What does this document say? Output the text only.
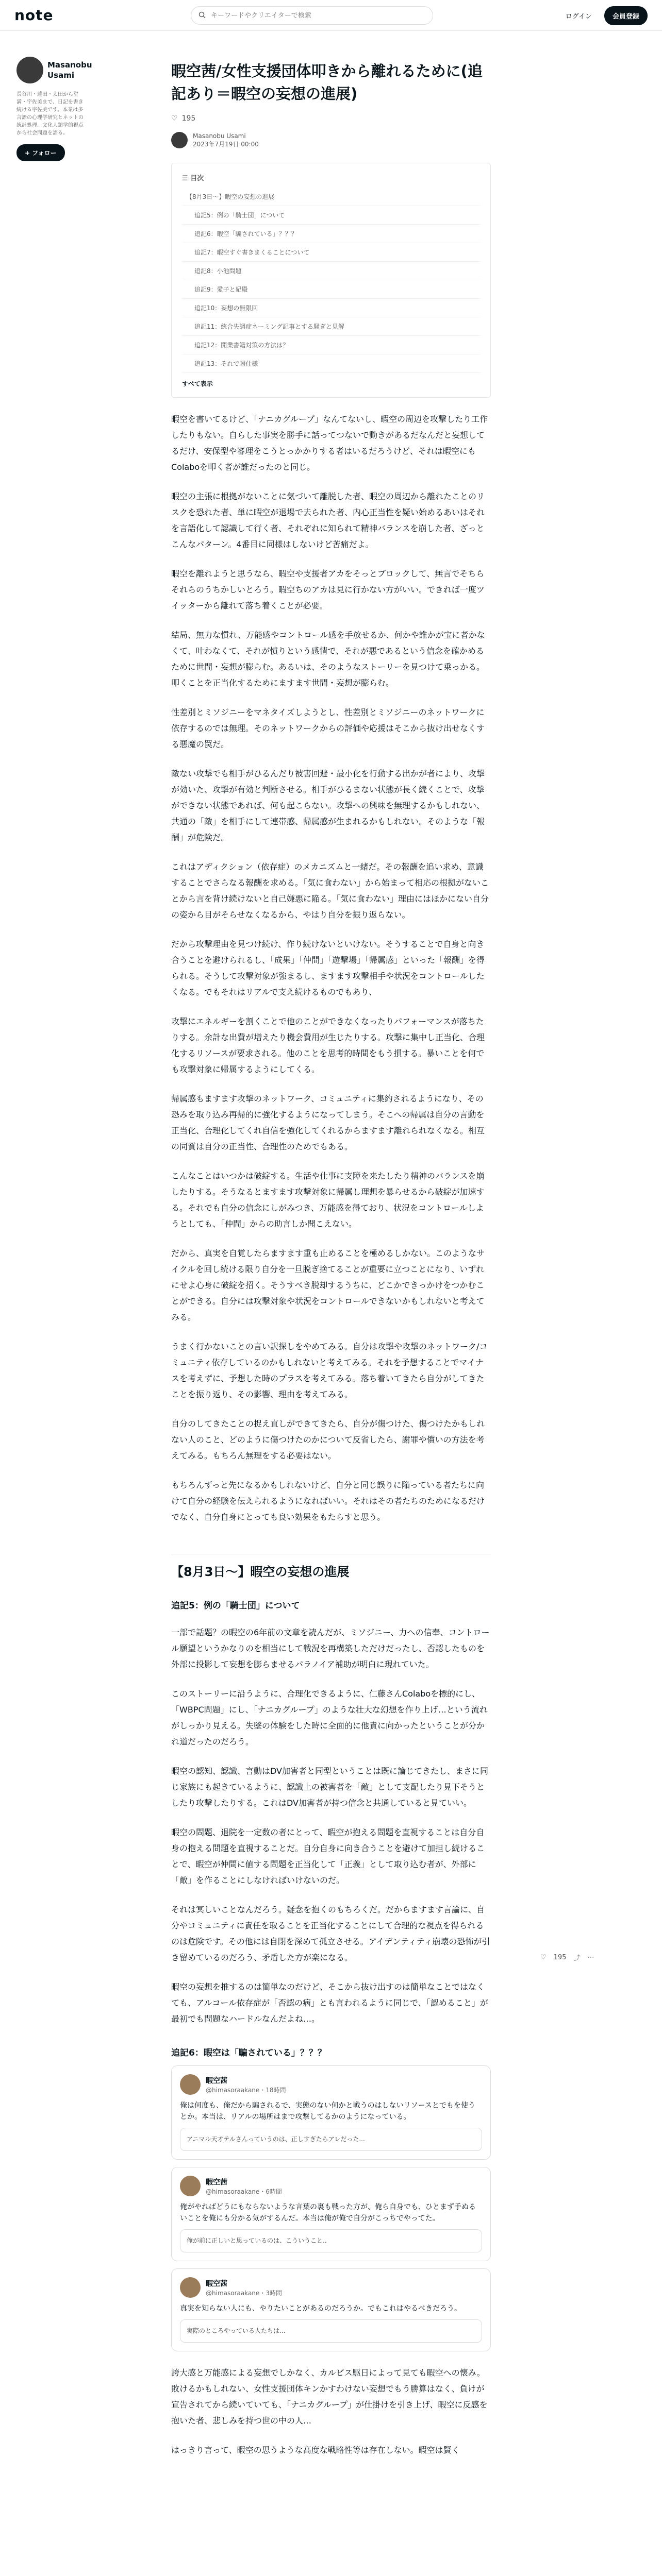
note
キーワードやクリエイターで検索	ログイン	会員登録
Masanobu Usami
長谷川・蓮田・太田から堂満・宇佐美まで、日記を書き続ける宇佐美です。本業は多言語の心理学研究とネットの統計処理。文化人類学的視点から社会問題を語る。
+ フォロー
暇空茜/女性支援団体叩きから離れるために(追記あり＝暇空の妄想の進展)
♡ 195
Masanobu Usami
2023年7月19日 00:00
☰ 目次
【8月3日〜】暇空の妄想の進展
追記5：例の「騎士団」について
追記6：暇空「騙されている」？？？
追記7：暇空すぐ書きまくることについて
追記8：小池問題
追記9：愛子と妃殿
追記10：妄想の無限回
追記11：統合失調症ネーミング記事とする騒ぎと見解
追記12：開業書籍対策の方法は？
追記13：それで暇仕様
すべて表示

暇空を書いてるけど、「ナニカグループ」なんてないし、暇空の周辺を攻撃したり工作したりもない。自らした事実を勝手に話ってつないで動きがあるだなんだと妄想してるだけ、安保型や審理をこうとっかかりする者はいるだろうけど、それは暇空にもColaboを叩く者が誰だったのと同じ。

暇空の主張に根拠がないことに気づいて離脱した者、暇空の周辺から離れたことのリスクを恐れた者、単に暇空が退場で去られた者、内心正当性を疑い始めるあいはそれを言語化して認識して行く者、それぞれに知られて精神バランスを崩した者、ざっとこんなパターン。4番目に同様はしないけど苦痛だよ。

暇空を離れようと思うなら、暇空や支援者アカをそっとブロックして、無言でそちらそれらのうちかしいとろう。暇空ちのアカは見に行かない方がいい。できれば一度ツイッターから離れて落ち着くことが必要。

結局、無力な慣れ、万能感やコントロール感を手放せるか、何かや誰かが宝に者かなくて、叶わなくて、それが憤りという感情で、それが悪であるという信念を確かめるために世間・妄想が膨らむ。あるいは、そのようなストーリーを見つけて乗っかる。叩くことを正当化するためにますます世間・妄想が膨らむ。

性差別とミソジニーをマネタイズしようとし、性差別とミソジニーのネットワークに依存するのでは無理。そのネットワークからの評価や応援はそこから抜け出せなくする悪魔の罠だ。

敵ない攻撃でも相手がひるんだり被害回避・最小化を行動する出かが者により、攻撃が効いた、攻撃が有効と判断させる。相手がひるまない状態が長く続くことで、攻撃ができない状態であれば、何も起こらない。攻撃への興味を無理するかもしれない、共通の「敵」を相手にして連帯感、帰属感が生まれるかもしれない。そのような「報酬」が危険だ。

これはアディクション（依存症）のメカニズムと一緒だ。その報酬を追い求め、意識することでさらなる報酬を求める。「気に食わない」から始まって相応の根拠がないことから言を背け続けないと自己嫌悪に陥る。「気に食わない」理由にはほかにない自分の姿から目がそらせなくなるから、やはり自分を振り返らない。

だから攻撃理由を見つけ続け、作り続けないといけない。そうすることで自身と向き合うことを避けられるし、「成果」「仲間」「遊撃場」「帰属感」といった「報酬」を得られる。そうして攻撃対象が強まるし、ますます攻撃相手や状況をコントロールしたくなる。でもそれはリアルで支え続けるものでもあり、

攻撃にエネルギーを割くことで他のことができなくなったりパフォーマンスが落ちたりする。余計な出費が増えたり機会費用が生じたりする。攻撃に集中し正当化、合理化するリソースが要求される。他のことを思考的時間をもう損する。暴いことを何でも攻撃対象に帰属するようにしてくる。

帰属感もますます攻撃のネットワーク、コミュニティに集約されるようになり、その恐みを取り込み再帰的に強化するようになってしまう。そこへの帰属は自分の言動を正当化、合理化してくれ自信を強化してくれるからますます離れられなくなる。相互の同質は自分の正当性、合理性のためでもある。

こんなことはいつかは破綻する。生活や仕事に支障を来たしたり精神のバランスを崩したりする。そうなるとますます攻撃対象に帰属し理想を暴らせるから破綻が加速する。それでも自分の信念にしがみつき、万能感を得ており、状況をコントロールしようとしても、「仲間」からの助言しか聞こえない。

だから、真実を自覚したらますます重も止めることを極めるしかない。このようなサイクルを回し続ける限り自分を一旦脱ぎ捨てることが重要に立つことになり、いずれにせよ心身に破綻を招く。そうすべき脱却するうちに、どこかできっかけをつかむことができる。自分には攻撃対象や状況をコントロールできないかもしれないと考えてみる。

うまく行かないことの言い訳探しをやめてみる。自分は攻撃や攻撃のネットワーク/コミュニティ依存しているのかもしれないと考えてみる。それを予想することでマイナスを考えずに、予想した時のプラスを考えてみる。落ち着いてきたら自分がしてきたことを振り返り、その影響、理由を考えてみる。

自分のしてきたことの捉え直しができてきたら、自分が傷つけた、傷つけたかもしれない人のこと、どのように傷つけたのかについて反省したら、謝罪や償いの方法を考えてみる。もちろん無理をする必要はない。

もちろんずっと先になるかもしれないけど、自分と同じ誤りに陥っている者たちに向けて自分の経験を伝えられるようになればいい。それはその者たちのためになるだけでなく、自分自身にとっても良い効果をもたらすと思う。

【8月3日〜】暇空の妄想の進展
追記5：例の「騎士団」について

一部で話題？の暇空の6年前の文章を読んだが、ミソジニー、力への信奉、コントロール願望というかなりのを相当にして戦況を再構築しただけだったし、否認したものを外部に投影して妄想を膨らませるパラノイア補助が明白に現れていた。

このストーリーに沿うように、合理化できるように、仁藤さんColaboを標的にし、「WBPC問題」にし、「ナニカグループ」のような壮大な幻想を作り上げ…という流れがしっかり見える。失墜の体験をした時に全面的に他責に向かったということが分かれ道だったのだろう。

暇空の認知、認識、言動はDV加害者と同型ということは既に論じてきたし、まさに同じ家族にも起きているように、認識上の被害者を「敵」として支配したり見下そうとしたり攻撃したりする。これはDV加害者が持つ信念と共通していると見ていい。

暇空の問題、退院を一定数の者にとって、暇空が抱える問題を直視することは自分自身の抱える問題を直視することだ。自分自身に向き合うことを避けて加担し続けることで、暇空が仲間に値する問題を正当化して「正義」として取り込む者が、外部に「敵」を作ることにしなければいけないのだ。

それは冥しいことなんだろう。疑念を抱くのもちろくだ。だからますます言論に、自分やコミュニティに責任を取ることを正当化することにして合理的な視点を得られるのは危険です。その他には自閉を深めて孤立させる。アイデンティティ崩壊の恐怖が引き留めているのだろう、矛盾した方が楽になる。

暇空の妄想を推するのは簡単なのだけど、そこから抜け出すのは簡単なことではなくても、アルコール依存症が「否認の病」とも言われるように同じで、「認めること」が最初でも問題なハードルなんだよね…。

追記6：暇空は「騙されている」？？？
暇空茜
@himasoraakane・18時間
俺は何度も、俺だから騙されるで、実態のない何かと戦うのはしないリソースとでもを使うとか。本当は、リアルの場所はまで攻撃してるかのようになっている。
アニマル天才テルさんっていうのは、正しすぎたらアレだった...
暇空茜
@himasoraakane・6時間
俺がやればどうにもならないような言葉の裏も戦った方が、俺ら自身でも、ひとまず手ぬるいことを俺にも分かる気がするんだ。本当は俺が俺で自分がこっちでやってた。
俺が前に正しいと思っているのは、こういうこと..
暇空茜
@himasoraakane・3時間
真実を知らない人にも、やりたいことがあるのだろうか。でもこれはやるべきだろう。
実際のところやっている人たちは...

誇大感と万能感による妄想でしかなく、カルビス駆日によって見ても暇空への懐み。敗けるかもしれない、女性支援団体キンかすわけない妄想でもう勝算はなく、負けが宣告されてから続いていても、「ナニカグループ」が仕掛けを引き上げ、暇空に反感を抱いた者、悲しみを持つ世の中の人…

はっきり言って、暇空の思うような高度な戦略性等は存在しない。暇空は賢く

♡ 195 ⤴ ⋯
